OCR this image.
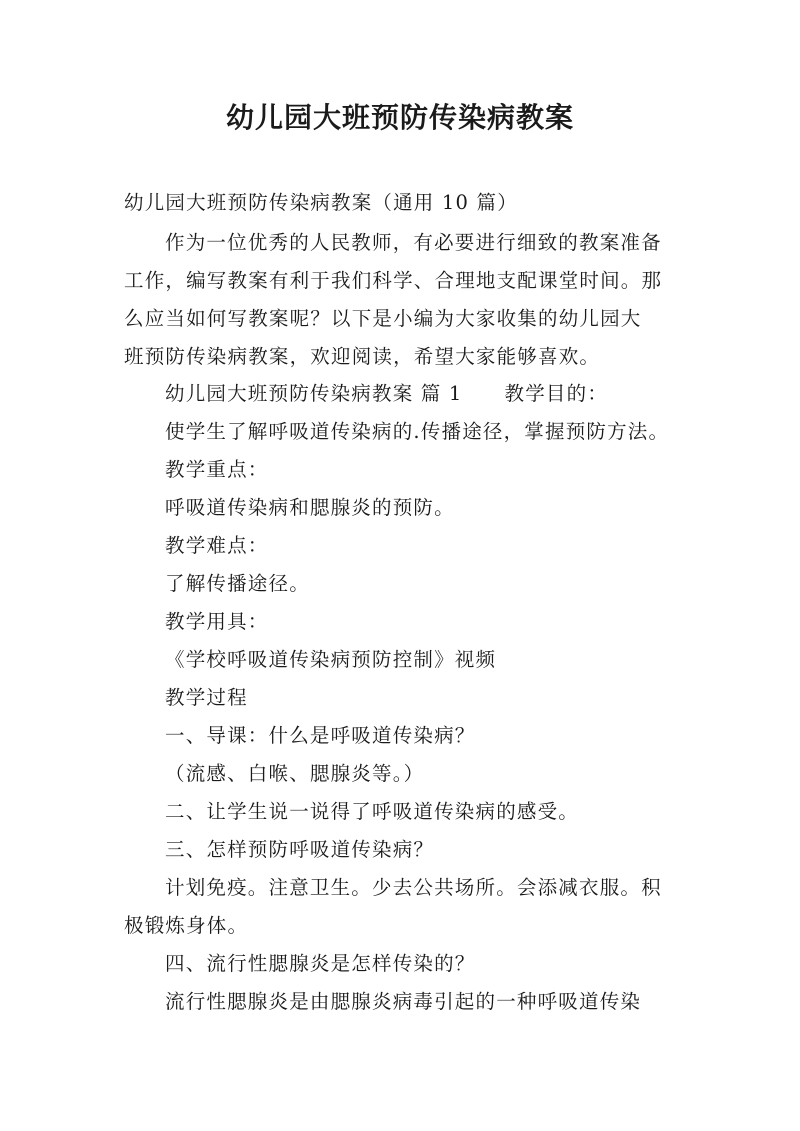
幼儿园大班预防传染病教案
幼儿园大班预防传染病教案（通用 10 篇）
作为一位优秀的人民教师，有必要进行细致的教案准备
工作，编写教案有利于我们科学、合理地支配课堂时间。那
么应当如何写教案呢？以下是小编为大家收集的幼儿园大
班预防传染病教案，欢迎阅读，希望大家能够喜欢。
幼儿园大班预防传染病教案 篇 1 教学目的：
使学生了解呼吸道传染病的.传播途径，掌握预防方法。
教学重点：
呼吸道传染病和腮腺炎的预防。
教学难点：
了解传播途径。
教学用具：
《学校呼吸道传染病预防控制》视频
教学过程
一、导课：什么是呼吸道传染病？
（流感、白喉、腮腺炎等。）
二、让学生说一说得了呼吸道传染病的感受。
三、怎样预防呼吸道传染病？
计划免疫。注意卫生。少去公共场所。会添减衣服。积
极锻炼身体。
四、流行性腮腺炎是怎样传染的？
流行性腮腺炎是由腮腺炎病毒引起的一种呼吸道传染
